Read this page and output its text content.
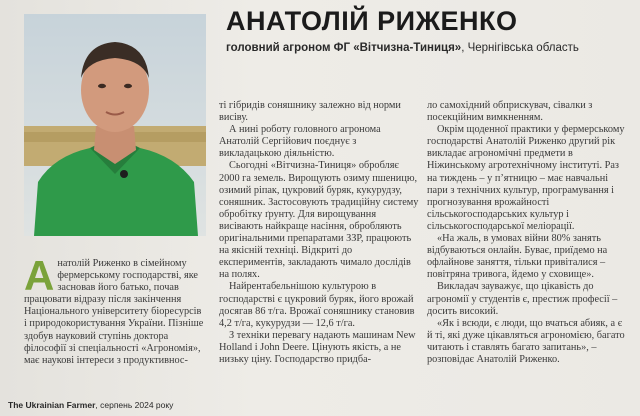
АНАТОЛІЙ РИЖЕНКО

головний агроном ФГ «Вітчизна-Тиниця», Чернігівська область

А натолій Риженко в сімейному фермерському господарстві, яке засновав його батько, почав працювати відразу після закінчення Національного університету біоресурсів і природокористування України. Пізніше здобув науковий ступінь доктора філософії зі спеціальності «Агрономія», має наукові інтереси з продуктивнос-

ті гібридів соняшнику залежно від норми висіву.

А нині роботу головного агронома Анатолій Сергійович поєднує з викладацькою діяльністю.

Сьогодні «Вітчизна-Тиниця» обробляє 2000 га земель. Вирощують озиму пшеницю, озимий ріпак, цукровий буряк, кукурудзу, соняшник. Застосовують традиційну систему обробітку ґрунту. Для вирощування висівають найкраще насіння, обробляють оригінальними препаратами ЗЗР, працюють на якісній техніці. Відкриті до експериментів, закладають чимало дослідів на полях.

Найрентабельнішою культурою в господарстві є цукровий буряк, його врожай досягав 86 т/га. Врожаї соняшнику становив 4,2 т/га, кукурудзи — 12,6 т/га.

З техніки перевагу надають машинам New Holland і John Deere. Цінують якість, а не низьку ціну. Господарство придба-

ло самохідний обприскувач, сівалки з посекційним вимкненням.

Окрім щоденної практики у фермерському господарстві Анатолій Риженко другий рік викладає агрономічні предмети в Ніжинському агротехнічному інституті. Раз на тиждень – у п’ятницю – має навчальні пари з технічних культур, програмування і прогнозування врожайності сільськогосподарських культур і сільськогосподарської меліорації.

«На жаль, в умовах війни 80% занять відбуваються онлайн. Буває, приїдемо на офлайнове заняття, тільки привіталися – повітряна тривога, йдемо у сховище».

Викладач зауважує, що цікавість до агрономії у студентів є, престиж професії – досить високий.

«Як і всюди, є люди, що вчаться абияк, а є й ті, які дуже цікавляться агрономією, багато читають і ставлять багато запитань», – розповідає Анатолій Риженко.

The Ukrainian Farmer, серпень 2024 року
